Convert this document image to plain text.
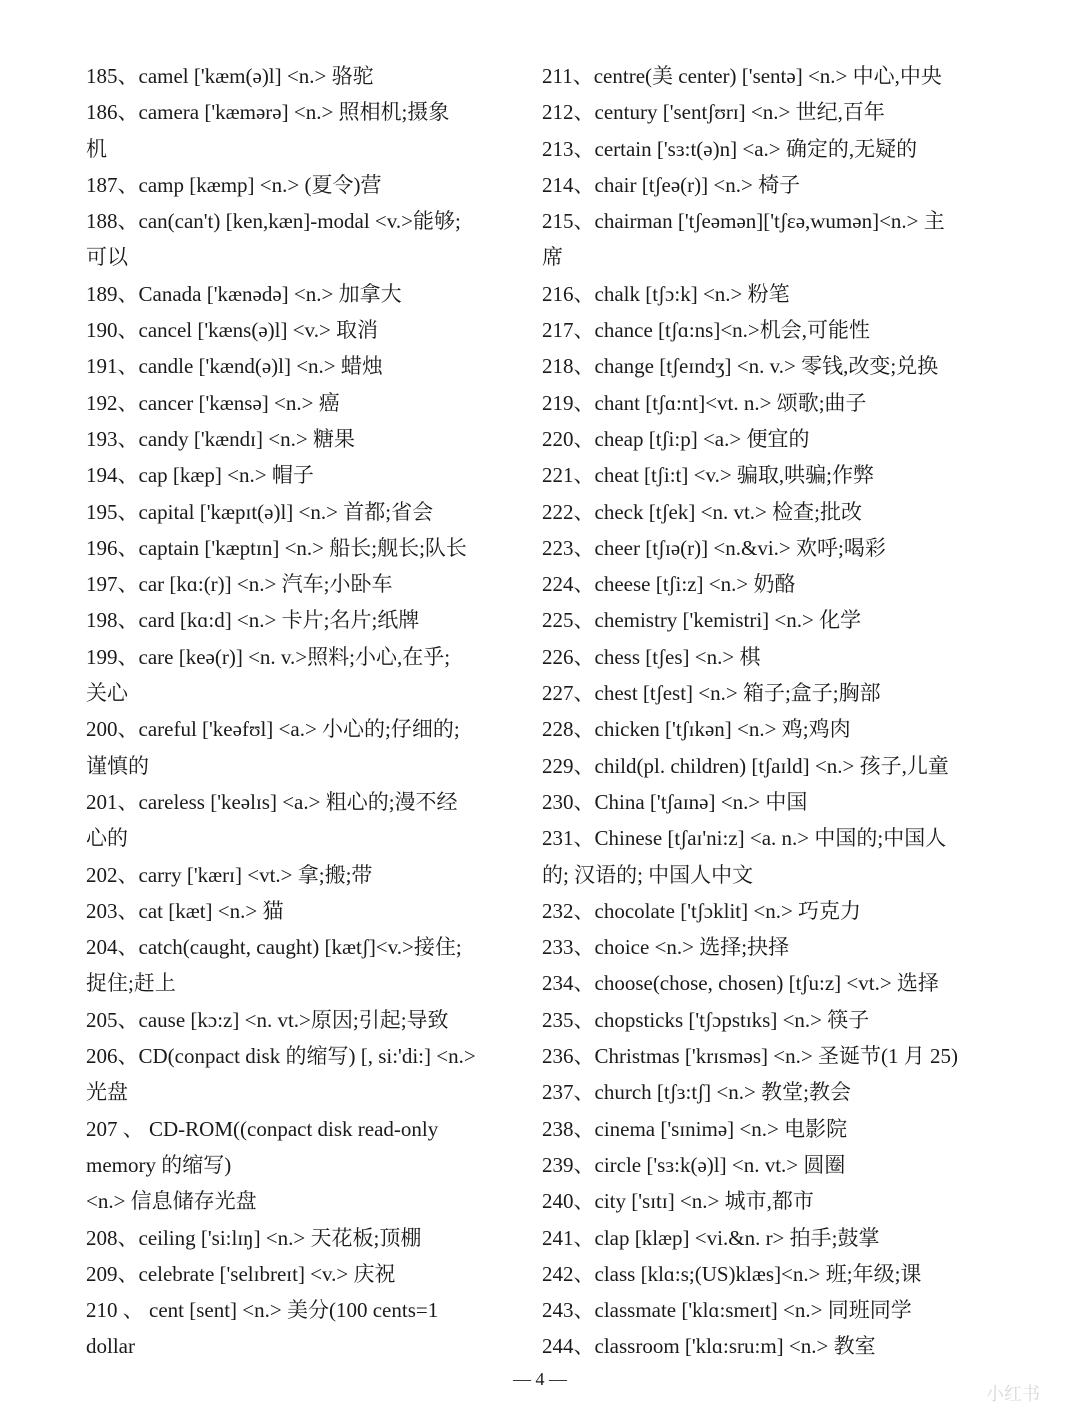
185、camel ['kæm(ə)l] <n.> 骆驼
186、camera ['kæmərə] <n.> 照相机;摄象
机
187、camp [kæmp] <n.> (夏令)营
188、can(can't) [ken,kæn]-modal <v.>能够;
可以
189、Canada ['kænədə] <n.> 加拿大
190、cancel ['kæns(ə)l] <v.> 取消
191、candle ['kænd(ə)l] <n.> 蜡烛
192、cancer ['kænsə] <n.> 癌
193、candy ['kændɪ] <n.> 糖果
194、cap [kæp] <n.> 帽子
195、capital ['kæpɪt(ə)l] <n.> 首都;省会
196、captain ['kæptɪn] <n.> 船长;舰长;队长
197、car [kɑ:(r)] <n.> 汽车;小卧车
198、card [kɑ:d] <n.> 卡片;名片;纸牌
199、care [keə(r)] <n. v.>照料;小心,在乎;
关心
200、careful ['keəfʊl] <a.> 小心的;仔细的;
谨慎的
201、careless ['keəlɪs] <a.> 粗心的;漫不经
心的
202、carry ['kærɪ] <vt.> 拿;搬;带
203、cat [kæt] <n.> 猫
204、catch(caught, caught) [kætʃ]<v.>接住;
捉住;赶上
205、cause [kɔ:z] <n. vt.>原因;引起;导致
206、CD(conpact disk 的缩写) [, si:'di:] <n.>
光盘
207 、 CD-ROM((conpact disk read-only
memory 的缩写)
<n.> 信息储存光盘
208、ceiling ['si:lɪŋ] <n.> 天花板;顶棚
209、celebrate ['selɪbreɪt] <v.> 庆祝
210 、 cent [sent] <n.> 美分(100 cents=1
dollar
211、centre(美 center) ['sentə] <n.> 中心,中央
212、century ['sentʃʊrɪ] <n.> 世纪,百年
213、certain ['sɜ:t(ə)n] <a.> 确定的,无疑的
214、chair [tʃeə(r)] <n.> 椅子
215、chairman ['tʃeəmən]['tʃɛə,wumən]<n.> 主
席
216、chalk [tʃɔ:k] <n.> 粉笔
217、chance [tʃɑ:ns]<n.>机会,可能性
218、change [tʃeɪndʒ] <n. v.> 零钱,改变;兑换
219、chant [tʃɑ:nt]<vt. n.> 颂歌;曲子
220、cheap [tʃi:p] <a.> 便宜的
221、cheat [tʃi:t] <v.> 骗取,哄骗;作弊
222、check [tʃek] <n. vt.> 检查;批改
223、cheer [tʃɪə(r)] <n.&vi.> 欢呼;喝彩
224、cheese [tʃi:z] <n.> 奶酪
225、chemistry ['kemistri] <n.> 化学
226、chess [tʃes] <n.> 棋
227、chest [tʃest] <n.> 箱子;盒子;胸部
228、chicken ['tʃɪkən] <n.> 鸡;鸡肉
229、child(pl. children) [tʃaɪld] <n.> 孩子,儿童
230、China ['tʃaɪnə] <n.> 中国
231、Chinese [tʃaɪ'ni:z] <a. n.> 中国的;中国人
的; 汉语的; 中国人中文
232、chocolate ['tʃɔklit] <n.> 巧克力
233、choice <n.> 选择;抉择
234、choose(chose, chosen) [tʃu:z] <vt.> 选择
235、chopsticks ['tʃɔpstɪks] <n.> 筷子
236、Christmas ['krɪsməs] <n.> 圣诞节(1 月 25)
237、church [tʃɜ:tʃ] <n.> 教堂;教会
238、cinema ['sɪnimə] <n.> 电影院
239、circle ['sɜ:k(ə)l] <n. vt.> 圆圈
240、city ['sɪtɪ] <n.> 城市,都市
241、clap [klæp] <vi.&n. r> 拍手;鼓掌
242、class [klɑ:s;(US)klæs]<n.> 班;年级;课
243、classmate ['klɑ:smeɪt] <n.> 同班同学
244、classroom ['klɑ:sru:m] <n.> 教室
— 4 —
小红书
